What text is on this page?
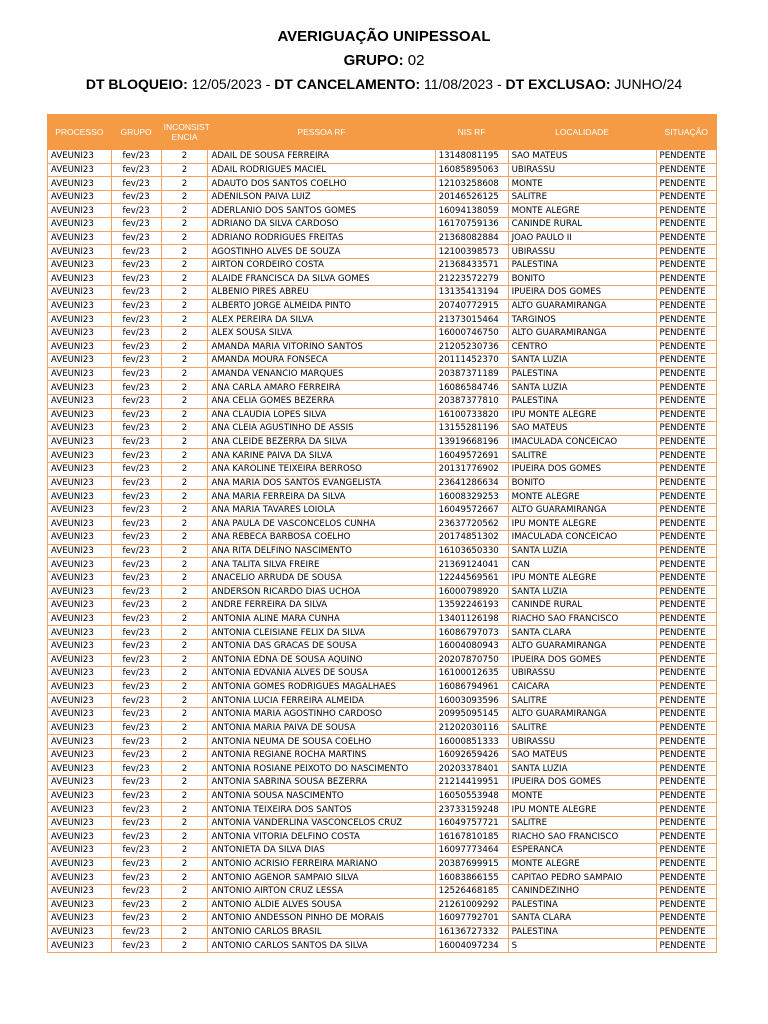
AVERIGUAÇÃO UNIPESSOAL
GRUPO: 02
DT BLOQUEIO: 12/05/2023 - DT CANCELAMENTO: 11/08/2023 - DT EXCLUSAO: JUNHO/24
PROCESSO	GRUPO	INCONSIST ENCIA	PESSOA RF	NIS RF	LOCALIDADE	SITUAÇÃO
AVEUNI23	fev/23	2	ADAIL DE SOUSA FERREIRA	13148081195	SAO MATEUS	PENDENTE
AVEUNI23	fev/23	2	ADAIL RODRIGUES MACIEL	16085895063	UBIRASSU	PENDENTE
AVEUNI23	fev/23	2	ADAUTO DOS SANTOS COELHO	12103258608	MONTE	PENDENTE
AVEUNI23	fev/23	2	ADENILSON PAIVA LUIZ	20146526125	SALITRE	PENDENTE
AVEUNI23	fev/23	2	ADERLANIO DOS SANTOS GOMES	16094138059	MONTE ALEGRE	PENDENTE
AVEUNI23	fev/23	2	ADRIANO DA SILVA CARDOSO	16170759136	CANINDE RURAL	PENDENTE
AVEUNI23	fev/23	2	ADRIANO RODRIGUES FREITAS	21368082884	JOAO PAULO II	PENDENTE
AVEUNI23	fev/23	2	AGOSTINHO ALVES DE SOUZA	12100398573	UBIRASSU	PENDENTE
AVEUNI23	fev/23	2	AIRTON CORDEIRO COSTA	21368433571	PALESTINA	PENDENTE
AVEUNI23	fev/23	2	ALAIDE FRANCISCA DA SILVA GOMES	21223572279	BONITO	PENDENTE
AVEUNI23	fev/23	2	ALBENIO PIRES ABREU	13135413194	IPUEIRA DOS GOMES	PENDENTE
AVEUNI23	fev/23	2	ALBERTO JORGE ALMEIDA PINTO	20740772915	ALTO GUARAMIRANGA	PENDENTE
AVEUNI23	fev/23	2	ALEX PEREIRA DA SILVA	21373015464	TARGINOS	PENDENTE
AVEUNI23	fev/23	2	ALEX SOUSA SILVA	16000746750	ALTO GUARAMIRANGA	PENDENTE
AVEUNI23	fev/23	2	AMANDA MARIA VITORINO SANTOS	21205230736	CENTRO	PENDENTE
AVEUNI23	fev/23	2	AMANDA MOURA FONSECA	20111452370	SANTA LUZIA	PENDENTE
AVEUNI23	fev/23	2	AMANDA VENANCIO MARQUES	20387371189	PALESTINA	PENDENTE
AVEUNI23	fev/23	2	ANA CARLA AMARO FERREIRA	16086584746	SANTA LUZIA	PENDENTE
AVEUNI23	fev/23	2	ANA CELIA GOMES BEZERRA	20387377810	PALESTINA	PENDENTE
AVEUNI23	fev/23	2	ANA CLAUDIA LOPES SILVA	16100733820	IPU MONTE ALEGRE	PENDENTE
AVEUNI23	fev/23	2	ANA CLEIA AGUSTINHO DE ASSIS	13155281196	SAO MATEUS	PENDENTE
AVEUNI23	fev/23	2	ANA CLEIDE BEZERRA DA SILVA	13919668196	IMACULADA CONCEICAO	PENDENTE
AVEUNI23	fev/23	2	ANA KARINE PAIVA DA SILVA	16049572691	SALITRE	PENDENTE
AVEUNI23	fev/23	2	ANA KAROLINE TEIXEIRA BERROSO	20131776902	IPUEIRA DOS GOMES	PENDENTE
AVEUNI23	fev/23	2	ANA MARIA DOS SANTOS EVANGELISTA	23641286634	BONITO	PENDENTE
AVEUNI23	fev/23	2	ANA MARIA FERREIRA DA SILVA	16008329253	MONTE ALEGRE	PENDENTE
AVEUNI23	fev/23	2	ANA MARIA TAVARES LOIOLA	16049572667	ALTO GUARAMIRANGA	PENDENTE
AVEUNI23	fev/23	2	ANA PAULA DE VASCONCELOS CUNHA	23637720562	IPU MONTE ALEGRE	PENDENTE
AVEUNI23	fev/23	2	ANA REBECA BARBOSA COELHO	20174851302	IMACULADA CONCEICAO	PENDENTE
AVEUNI23	fev/23	2	ANA RITA DELFINO NASCIMENTO	16103650330	SANTA LUZIA	PENDENTE
AVEUNI23	fev/23	2	ANA TALITA SILVA FREIRE	21369124041	CAN	PENDENTE
AVEUNI23	fev/23	2	ANACELIO ARRUDA DE SOUSA	12244569561	IPU MONTE ALEGRE	PENDENTE
AVEUNI23	fev/23	2	ANDERSON RICARDO DIAS UCHOA	16000798920	SANTA LUZIA	PENDENTE
AVEUNI23	fev/23	2	ANDRE FERREIRA DA SILVA	13592246193	CANINDE RURAL	PENDENTE
AVEUNI23	fev/23	2	ANTONIA ALINE MARA CUNHA	13401126198	RIACHO SAO FRANCISCO	PENDENTE
AVEUNI23	fev/23	2	ANTONIA CLEISIANE FELIX DA SILVA	16086797073	SANTA CLARA	PENDENTE
AVEUNI23	fev/23	2	ANTONIA DAS GRACAS DE SOUSA	16004080943	ALTO GUARAMIRANGA	PENDENTE
AVEUNI23	fev/23	2	ANTONIA EDNA DE SOUSA AQUINO	20207870750	IPUEIRA DOS GOMES	PENDENTE
AVEUNI23	fev/23	2	ANTONIA EDVANIA ALVES DE SOUSA	16100012635	UBIRASSU	PENDENTE
AVEUNI23	fev/23	2	ANTONIA GOMES RODRIGUES MAGALHAES	16086794961	CAICARA	PENDENTE
AVEUNI23	fev/23	2	ANTONIA LUCIA FERREIRA ALMEIDA	16003093596	SALITRE	PENDENTE
AVEUNI23	fev/23	2	ANTONIA MARIA AGOSTINHO CARDOSO	20995095145	ALTO GUARAMIRANGA	PENDENTE
AVEUNI23	fev/23	2	ANTONIA MARIA PAIVA DE SOUSA	21202030116	SALITRE	PENDENTE
AVEUNI23	fev/23	2	ANTONIA NEUMA DE SOUSA COELHO	16000851333	UBIRASSU	PENDENTE
AVEUNI23	fev/23	2	ANTONIA REGIANE ROCHA MARTINS	16092659426	SAO MATEUS	PENDENTE
AVEUNI23	fev/23	2	ANTONIA ROSIANE PEIXOTO DO NASCIMENTO	20203378401	SANTA LUZIA	PENDENTE
AVEUNI23	fev/23	2	ANTONIA SABRINA SOUSA BEZERRA	21214419951	IPUEIRA DOS GOMES	PENDENTE
AVEUNI23	fev/23	2	ANTONIA SOUSA NASCIMENTO	16050553948	MONTE	PENDENTE
AVEUNI23	fev/23	2	ANTONIA TEIXEIRA DOS SANTOS	23733159248	IPU MONTE ALEGRE	PENDENTE
AVEUNI23	fev/23	2	ANTONIA VANDERLINA VASCONCELOS CRUZ	16049757721	SALITRE	PENDENTE
AVEUNI23	fev/23	2	ANTONIA VITORIA DELFINO COSTA	16167810185	RIACHO SAO FRANCISCO	PENDENTE
AVEUNI23	fev/23	2	ANTONIETA DA SILVA DIAS	16097773464	ESPERANCA	PENDENTE
AVEUNI23	fev/23	2	ANTONIO ACRISIO FERREIRA MARIANO	20387699915	MONTE ALEGRE	PENDENTE
AVEUNI23	fev/23	2	ANTONIO AGENOR SAMPAIO SILVA	16083866155	CAPITAO PEDRO SAMPAIO	PENDENTE
AVEUNI23	fev/23	2	ANTONIO AIRTON CRUZ LESSA	12526468185	CANINDEZINHO	PENDENTE
AVEUNI23	fev/23	2	ANTONIO ALDIE ALVES SOUSA	21261009292	PALESTINA	PENDENTE
AVEUNI23	fev/23	2	ANTONIO ANDESSON PINHO DE MORAIS	16097792701	SANTA CLARA	PENDENTE
AVEUNI23	fev/23	2	ANTONIO CARLOS BRASIL	16136727332	PALESTINA	PENDENTE
AVEUNI23	fev/23	2	ANTONIO CARLOS SANTOS DA SILVA	16004097234	S	PENDENTE
